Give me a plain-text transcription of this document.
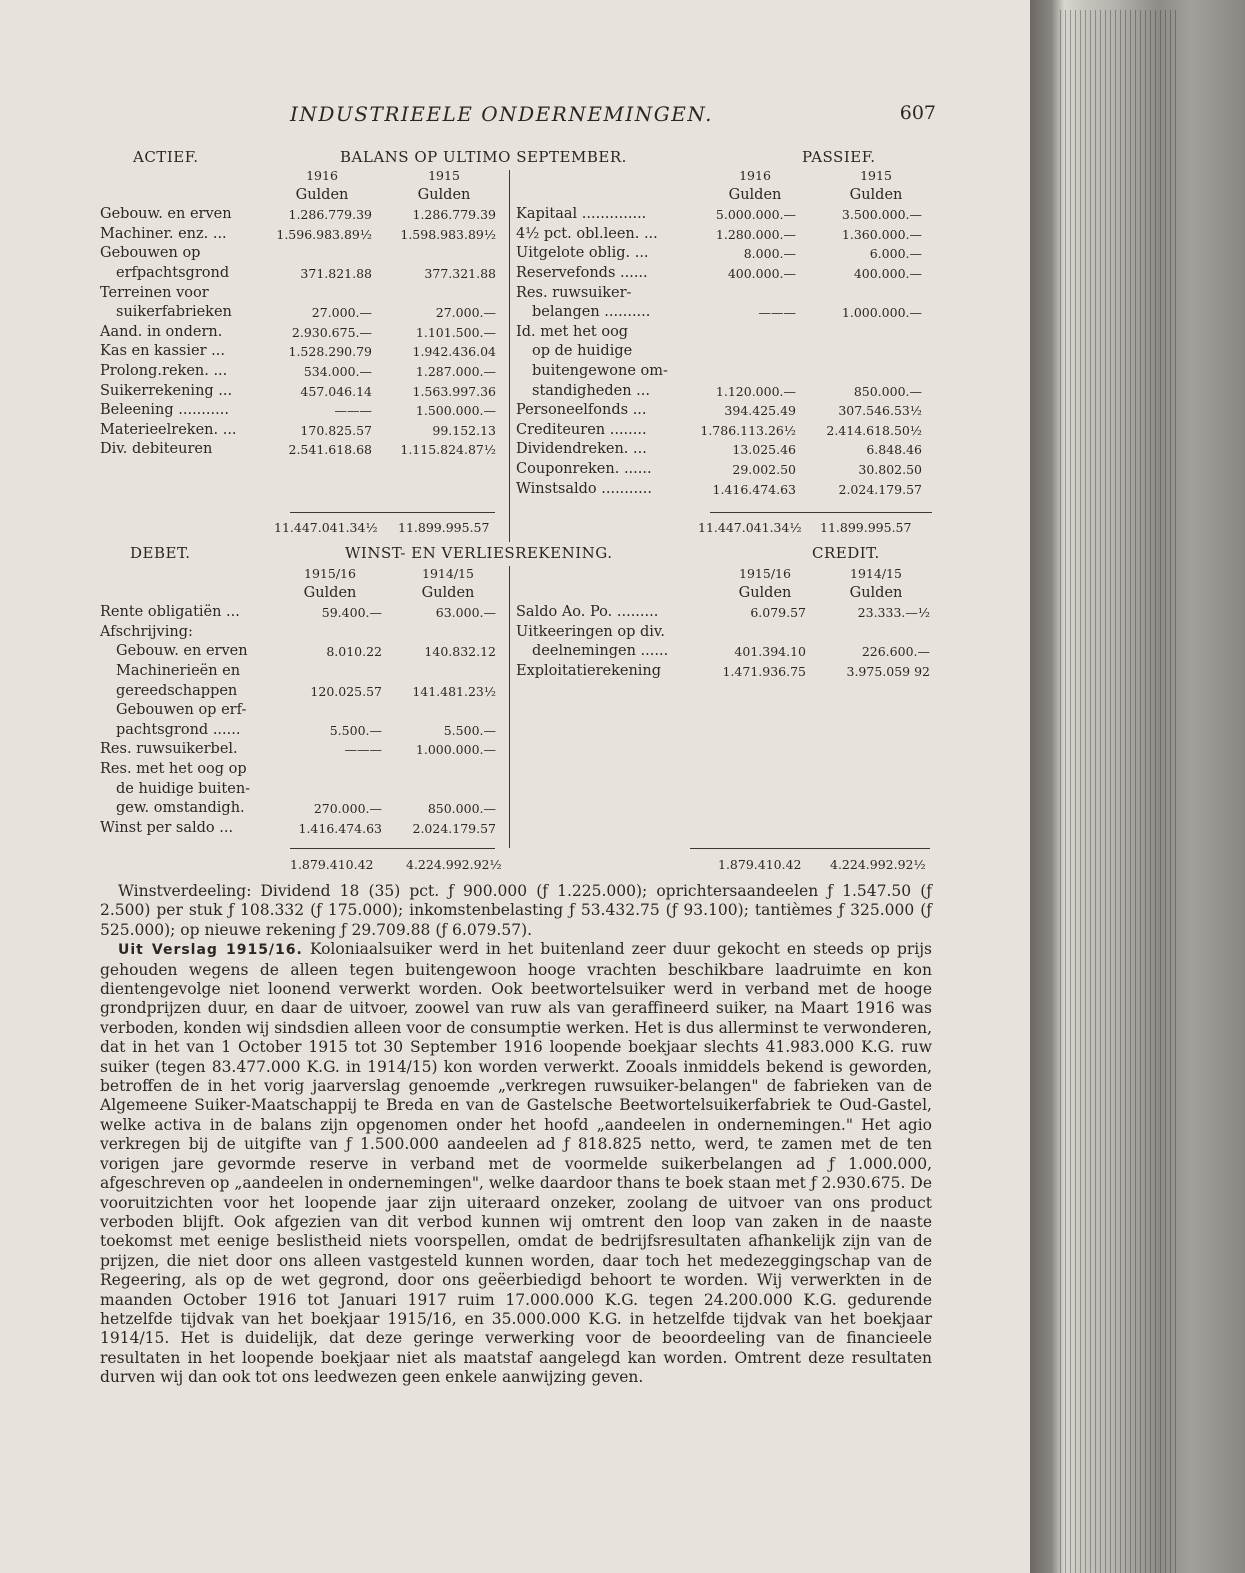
INDUSTRIEELE ONDERNEMINGEN.	607
ACTIEF.	BALANS OP ULTIMO SEPTEMBER.	PASSIEF.
1916	1915	1916	1915
Gulden	Gulden	Gulden	Gulden
Gebouw. en erven	1.286.779.39	1.286.779.39
Machiner. enz. ...	1.596.983.89½	1.598.983.89½
Gebouwen op
erfpachtsgrond	371.821.88	377.321.88
Terreinen voor
suikerfabrieken	27.000.—	27.000.—
Aand. in ondern.	2.930.675.—	1.101.500.—
Kas en kassier ...	1.528.290.79	1.942.436.04
Prolong.reken. ...	534.000.—	1.287.000.—
Suikerrekening ...	457.046.14	1.563.997.36
Beleening ...........	———	1.500.000.—
Materieelreken. ...	170.825.57	99.152.13
Div. debiteuren	2.541.618.68	1.115.824.87½
Kapitaal ..............	5.000.000.—	3.500.000.—
4½ pct. obl.leen. ...	1.280.000.—	1.360.000.—
Uitgelote oblig. ...	8.000.—	6.000.—
Reservefonds ......	400.000.—	400.000.—
Res. ruwsuiker-
belangen ..........	———	1.000.000.—
Id. met het oog
op de huidige
buitengewone om-
standigheden ...	1.120.000.—	850.000.—
Personeelfonds ...	394.425.49	307.546.53½
Crediteuren ........	1.786.113.26½	2.414.618.50½
Dividendreken. ...	13.025.46	6.848.46
Couponreken. ......	29.002.50	30.802.50
Winstsaldo ...........	1.416.474.63	2.024.179.57
11.447.041.34½ 11.899.995.57	11.447.041.34½ 11.899.995.57
DEBET.	WINST- EN VERLIESREKENING.	CREDIT.
1915/16	1914/15	1915/16	1914/15
Gulden	Gulden	Gulden	Gulden
Rente obligatiën ...	59.400.—	63.000.—
Afschrijving:
Gebouw. en erven	8.010.22	140.832.12
Machinerieën en
gereedschappen	120.025.57	141.481.23½
Gebouwen op erf-
pachtsgrond ......	5.500.—	5.500.—
Res. ruwsuikerbel.	———	1.000.000.—
Res. met het oog op
de huidige buiten-
gew. omstandigh.	270.000.—	850.000.—
Winst per saldo ...	1.416.474.63	2.024.179.57
Saldo Ao. Po. .........	6.079.57	23.333.—½
Uitkeeringen op div.
deelnemingen ......	401.394.10	226.600.—
Exploitatierekening	1.471.936.75	3.975.059 92
1.879.410.42	4.224.992.92½	1.879.410.42 4.224.992.92½

Winstverdeeling: Dividend 18 (35) pct. ƒ 900.000 (ƒ 1.225.000); oprichtersaandeelen ƒ 1.547.50 (ƒ 2.500) per stuk ƒ 108.332 (ƒ 175.000); inkomstenbelasting ƒ 53.432.75 (ƒ 93.100); tantièmes ƒ 325.000 (ƒ 525.000); op nieuwe rekening ƒ 29.709.88 (ƒ 6.079.57).

Uit Verslag 1915/16. Koloniaalsuiker werd in het buitenland zeer duur gekocht en steeds op prijs gehouden wegens de alleen tegen buitengewoon hooge vrachten beschikbare laadruimte en kon dientengevolge niet loonend verwerkt worden. Ook beetwortelsuiker werd in verband met de hooge grondprijzen duur, en daar de uitvoer, zoowel van ruw als van geraffineerd suiker, na Maart 1916 was verboden, konden wij sindsdien alleen voor de consumptie werken. Het is dus allerminst te verwonderen, dat in het van 1 October 1915 tot 30 September 1916 loopende boekjaar slechts 41.983.000 K.G. ruw suiker (tegen 83.477.000 K.G. in 1914/15) kon worden verwerkt. Zooals inmiddels bekend is geworden, betroffen de in het vorig jaarverslag genoemde „verkregen ruwsuiker-belangen" de fabrieken van de Algemeene Suiker-Maatschappij te Breda en van de Gastelsche Beetwortelsuikerfabriek te Oud-Gastel, welke activa in de balans zijn opgenomen onder het hoofd „aandeelen in ondernemingen." Het agio verkregen bij de uitgifte van ƒ 1.500.000 aandeelen ad ƒ 818.825 netto, werd, te zamen met de ten vorigen jare gevormde reserve in verband met de voormelde suikerbelangen ad ƒ 1.000.000, afgeschreven op „aandeelen in ondernemingen", welke daardoor thans te boek staan met ƒ 2.930.675. De vooruitzichten voor het loopende jaar zijn uiteraard onzeker, zoolang de uitvoer van ons product verboden blijft. Ook afgezien van dit verbod kunnen wij omtrent den loop van zaken in de naaste toekomst met eenige beslistheid niets voorspellen, omdat de bedrijfsresultaten afhankelijk zijn van de prijzen, die niet door ons alleen vastgesteld kunnen worden, daar toch het medezeggingschap van de Regeering, als op de wet gegrond, door ons geëerbiedigd behoort te worden. Wij verwerkten in de maanden October 1916 tot Januari 1917 ruim 17.000.000 K.G. tegen 24.200.000 K.G. gedurende hetzelfde tijdvak van het boekjaar 1915/16, en 35.000.000 K.G. in hetzelfde tijdvak van het boekjaar 1914/15. Het is duidelijk, dat deze geringe verwerking voor de beoordeeling van de financieele resultaten in het loopende boekjaar niet als maatstaf aangelegd kan worden. Omtrent deze resultaten durven wij dan ook tot ons leedwezen geen enkele aanwijzing geven.
